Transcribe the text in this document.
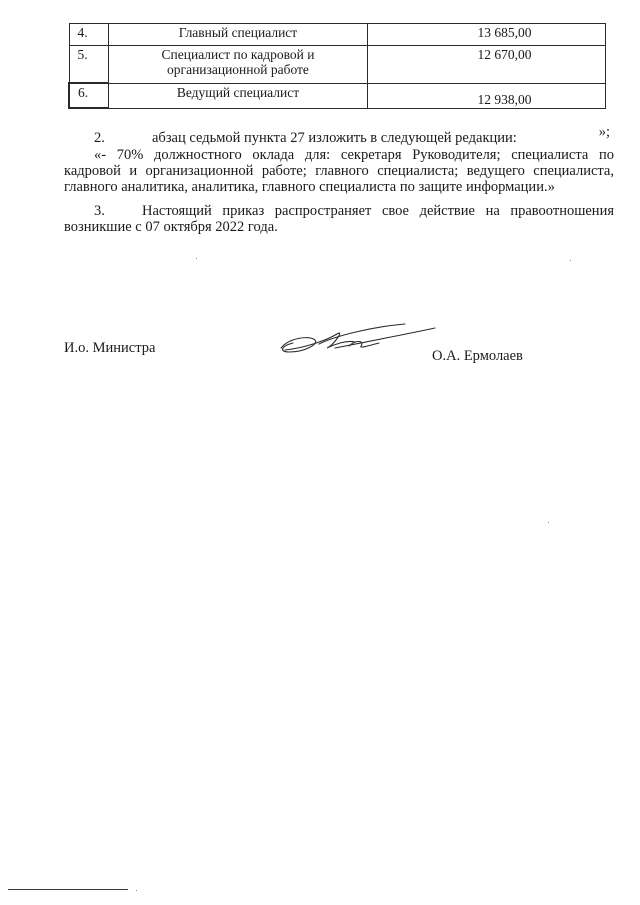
4.	Главный специалист	13 685,00
5.	Специалист по кадровой и
организационной работе	12 670,00
6.	Ведущий специалист	12 938,00
»;
2.	абзац седьмой пункта 27 изложить в следующей редакции:
«- 70% должностного оклада для: секретаря Руководителя; специалиста по кадровой и организационной работе; главного специалиста; ведущего специалиста, главного аналитика, аналитика, главного специалиста по защите информации.»
3.	Настоящий приказ распространяет свое действие на правоотношения возникшие с 07 октября 2022 года.
И.о. Министра	О.А. Ермолаев
